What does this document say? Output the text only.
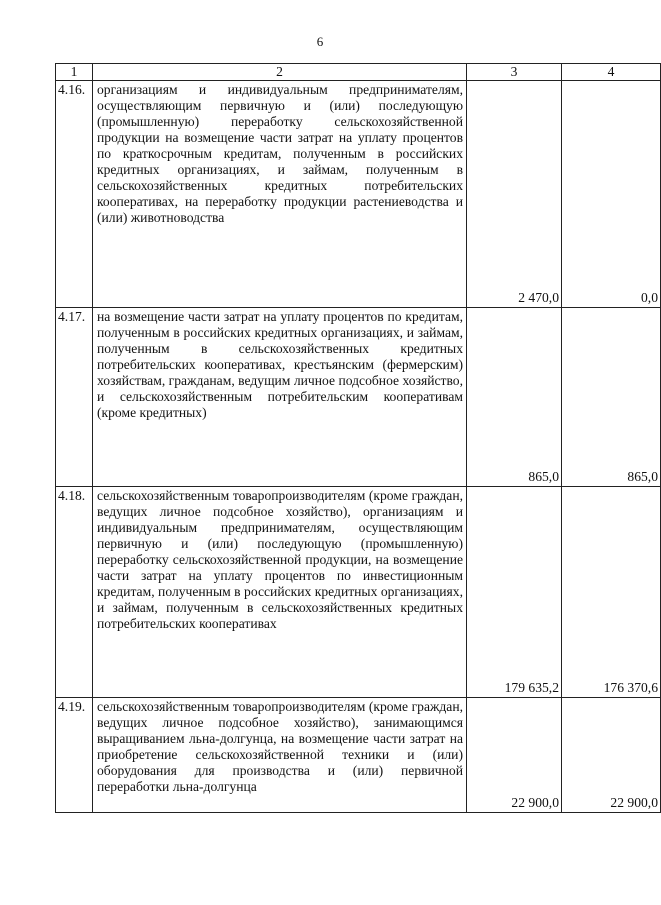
6
1	2	3	4
4.16.	организациям и индивидуальным предпринимателям, осуществляющим первичную и (или) последующую (промышленную) переработку сельскохозяйственной продукции на возмещение части затрат на уплату процентов по краткосрочным кредитам, полученным в российских кредитных организациях, и займам, полученным в сельскохозяйственных кредитных потребительских кооперативах, на переработку продукции растениеводства и (или) животноводства	2 470,0	0,0
4.17.	на возмещение части затрат на уплату процентов по кредитам, полученным в российских кредитных организациях, и займам, полученным в сельскохозяйственных кредитных потребительских кооперативах, крестьянским (фермерским) хозяйствам, гражданам, ведущим личное подсобное хозяйство, и сельскохозяйственным потребительским кооперативам (кроме кредитных)	865,0	865,0
4.18.	сельскохозяйственным товаропроизводителям (кроме граждан, ведущих личное подсобное хозяйство), организациям и индивидуальным предпринимателям, осуществляющим первичную и (или) последующую (промышленную) переработку сельскохозяйственной продукции, на возмещение части затрат на уплату процентов по инвестиционным кредитам, полученным в российских кредитных организациях, и займам, полученным в сельскохозяйственных кредитных потребительских кооперативах	179 635,2	176 370,6
4.19.	сельскохозяйственным товаропроизводителям (кроме граждан, ведущих личное подсобное хозяйство), занимающимся выращиванием льна-долгунца, на возмещение части затрат на приобретение сельскохозяйственной техники и (или) оборудования для производства и (или) первичной переработки льна-долгунца	22 900,0	22 900,0
